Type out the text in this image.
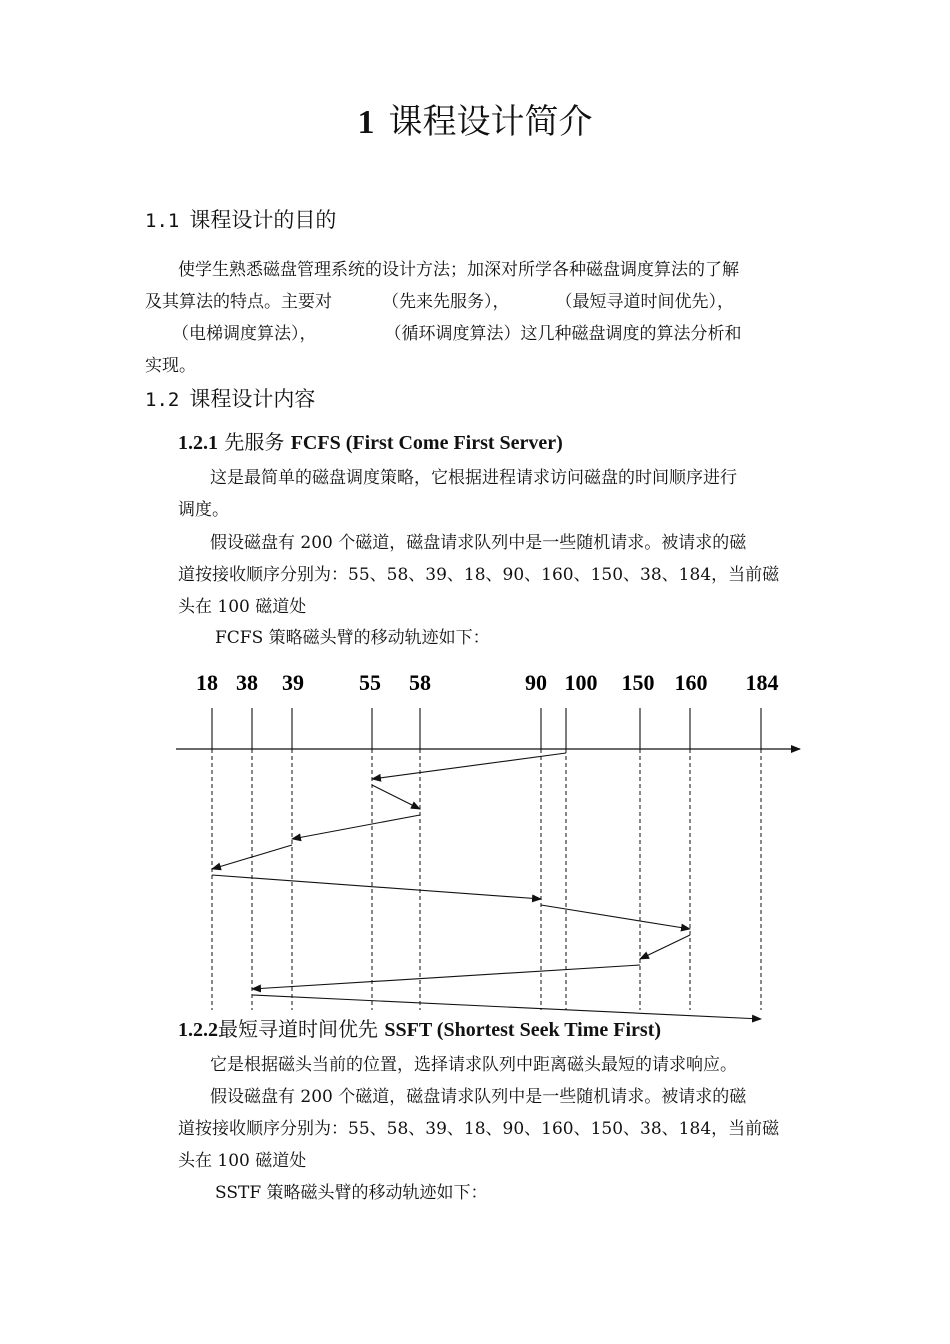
1 课程设计简介
1.1 课程设计的目的
使学生熟悉磁盘管理系统的设计方法；加深对所学各种磁盘调度算法的了解
及其算法的特点。主要对	（先来先服务），	（最短寻道时间优先），
（电梯调度算法），	（循环调度算法）这几种磁盘调度的算法分析和
实现。
1.2 课程设计内容
1.2.1 先服务 FCFS (First Come First Server)
这是最简单的磁盘调度策略，它根据进程请求访问磁盘的时间顺序进行
调度。
假设磁盘有 200 个磁道，磁盘请求队列中是一些随机请求。被请求的磁
道按接收顺序分别为：55、58、39、18、90、160、150、38、184，当前磁
头在 100 磁道处
FCFS 策略磁头臂的移动轨迹如下：
18 38 39	55 58	90 100 150 160 184
1.2.2最短寻道时间优先 SSFT (Shortest Seek Time First)
它是根据磁头当前的位置，选择请求队列中距离磁头最短的请求响应。
假设磁盘有 200 个磁道，磁盘请求队列中是一些随机请求。被请求的磁
道按接收顺序分别为：55、58、39、18、90、160、150、38、184，当前磁
头在 100 磁道处
SSTF 策略磁头臂的移动轨迹如下：
